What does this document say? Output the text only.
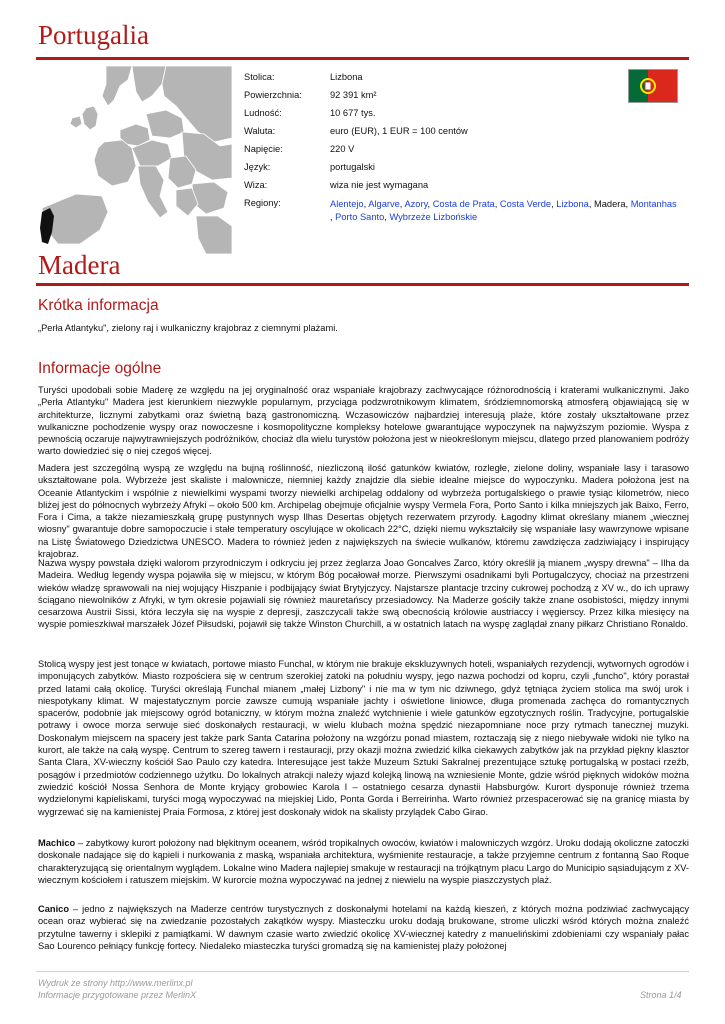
Portugalia
Stolica:	Lizbona
Powierzchnia:	92 391 km²
Ludność:	10 677 tys.
Waluta:	euro (EUR), 1 EUR = 100 centów
Napięcie:	220 V
Język:	portugalski
Wiza:	wiza nie jest wymagana
Regiony:	Alentejo, Algarve, Azory, Costa de Prata, Costa Verde, Lizbona, Madera, Montanhas
, Porto Santo, Wybrzeże Lizbońskie
Madera
Krótka informacja
„Perła Atlantyku", zielony raj i wulkaniczny krajobraz z ciemnymi plażami.
Informacje ogólne
Turyści upodobali sobie Maderę ze względu na jej oryginalność oraz wspaniałe krajobrazy zachwycające różnorodnością i kraterami wulkanicznymi. Jako „Perła Atlantyku" Madera jest kierunkiem niezwykle popularnym, przyciąga podzwrotnikowym klimatem, śródziemnomorską atmosferą objawiającą się w architekturze, licznymi zabytkami oraz świetną bazą gastronomiczną. Wczasowiczów najbardziej interesują plaże, które zostały ukształtowane przez wulkaniczne pochodzenie wyspy oraz nowoczesne i kosmopolityczne kompleksy hotelowe gwarantujące wypoczynek na najwyższym poziomie. Wyspa z pewnością oczaruje najwytrawniejszych podróżników, chociaż dla wielu turystów położona jest w nieokreślonym miejscu, dlatego przed planowaniem podróży warto dowiedzieć się o niej czegoś więcej.
Madera jest szczególną wyspą ze względu na bujną roślinność, niezliczoną ilość gatunków kwiatów, rozległe, zielone doliny, wspaniałe lasy i tarasowo ukształtowane pola. Wybrzeże jest skaliste i malownicze, niemniej każdy znajdzie dla siebie idealne miejsce do wypoczynku. Madera położona jest na Oceanie Atlantyckim i wspólnie z niewielkimi wyspami tworzy niewielki archipelag oddalony od wybrzeża portugalskiego o prawie tysiąc kilometrów, nieco bliżej jest do północnych wybrzeży Afryki – około 500 km. Archipelag obejmuje oficjalnie wyspy Vermela Fora, Porto Santo i kilka mniejszych jak Baixo, Ferro, Fora i Cima, a także niezamieszkałą grupę pustynnych wysp Ilhas Desertas objętych rezerwatem przyrody. Łagodny klimat określany mianem „wiecznej wiosny" gwarantuje dobre samopoczucie i stałe temperatury oscylujące w okolicach 22°C, dzięki niemu wykształciły się wspaniałe lasy wawrzynowe wpisane na Listę Światowego Dziedzictwa UNESCO. Madera to również jeden z największych na świecie wulkanów, któremu zawdzięcza zadziwiający i inspirujący krajobraz.
Nazwa wyspy powstała dzięki walorom przyrodniczym i odkryciu jej przez żeglarza Joao Goncalves Zarco, który określił ją mianem „wyspy drewna" – Ilha da Madeira. Według legendy wyspa pojawiła się w miejscu, w którym Bóg pocałował morze. Pierwszymi osadnikami byli Portugalczycy, chociaż na przestrzeni wieków władzę sprawowali na niej wojujący Hiszpanie i podbijający świat Brytyjczycy. Najstarsze plantacje trzciny cukrowej pochodzą z XV w., do ich uprawy ściągano niewolników z Afryki, w tym okresie pojawiali się również mauretańscy przesiadowcy. Na Maderze gościły także znane osobistości, między innymi cesarzowa Austrii Sissi, która leczyła się na wyspie z depresji, zaszczycali także swą obecnością królowie austriaccy i węgierscy. Przez kilka miesięcy na wyspie pomieszkiwał marszałek Józef Piłsudski, pojawił się także Winston Churchill, a w ostatnich latach na wyspę zaglądał znany piłkarz Christiano Ronaldo.
Stolicą wyspy jest jest tonące w kwiatach, portowe miasto Funchal, w którym nie brakuje ekskluzywnych hoteli, wspaniałych rezydencji, wytwornych ogrodów i imponujących zabytków. Miasto rozpościera się w centrum szerokiej zatoki na południu wyspy, jego nazwa pochodzi od kopru, czyli „funcho", który porastał przed latami całą okolicę. Turyści określają Funchal mianem „małej Lizbony" i nie ma w tym nic dziwnego, gdyż tętniąca życiem stolica ma swój urok i niespotykany klimat. W majestatycznym porcie zawsze cumują wspaniałe jachty i oświetlone liniowce, długa promenada zachęca do romantycznych spacerów, podobnie jak miejscowy ogród botaniczny, w którym można znaleźć wytchnienie i wiele gatunków egzotycznych roślin. Tradycyjne, portugalskie potrawy i owoce morza serwuje sieć doskonałych restauracji, w wielu klubach można spędzić niezapomniane noce przy rytmach tanecznej muzyki. Doskonałym miejscem na spacery jest także park Santa Catarina położony na wzgórzu ponad miastem, roztaczają się z niego niebywałe widoki nie tylko na kurort, ale także na całą wyspę. Centrum to szereg tawern i restauracji, przy okazji można zwiedzić kilka ciekawych zabytków jak na przykład piękny klasztor Santa Clara, XV-wieczny kościół Sao Paulo czy katedra. Interesujące jest także Muzeum Sztuki Sakralnej prezentujące sztukę portugalską w postaci rzeźb, posągów i przedmiotów codziennego użytku. Do lokalnych atrakcji należy wjazd kolejką linową na wzniesienie Monte, gdzie wśród pięknych widoków można zwiedzić kościół Nossa Senhora de Monte kryjący grobowiec Karola I – ostatniego cesarza dynastii Habsburgów. Kurort dysponuje również trzema wydzielonymi kąpieliskami, turyści mogą wypoczywać na miejskiej Lido, Ponta Gorda i Berreirinha. Warto również przespacerować się na granicę miasta by wygrzewać się na kamienistej Praia Formosa, z której jest doskonały widok na skalisty przylądek Cabo Girao.
Machico – zabytkowy kurort położony nad błękitnym oceanem, wśród tropikalnych owoców, kwiatów i malowniczych wzgórz. Uroku dodają okoliczne zatoczki doskonale nadające się do kąpieli i nurkowania z maską, wspaniała architektura, wyśmienite restauracje, a także przyjemne centrum z fontanną Sao Roque charakteryzującą się orientalnym wyglądem. Lokalne wino Madera najlepiej smakuje w restauracji na trójkątnym placu Largo do Municipio sąsiadującym z XV-wiecznym kościołem i ratuszem miejskim. W kurorcie można wypoczywać na jednej z niewielu na wyspie piaszczystych plaż.
Canico – jedno z największych na Maderze centrów turystycznych z doskonałymi hotelami na każdą kieszeń, z których można podziwiać zachwycający ocean oraz wybierać się na zwiedzanie pozostałych zakątków wyspy. Miasteczku uroku dodają brukowane, strome uliczki wśród których można znaleźć przytulne tawerny i sklepiki z pamiątkami. W dawnym czasie warto zwiedzić okolicę XV-wiecznej katedry z manuelińskimi zdobieniami czy wspaniały pałac Sao Lourenco pełniący funkcję fortecy. Niedaleko miasteczka turyści gromadzą się na kamienistej plaży położonej
Wydruk ze strony http://www.merlinx.pl
Informacje przygotowane przez MerlinX	Strona 1/4
